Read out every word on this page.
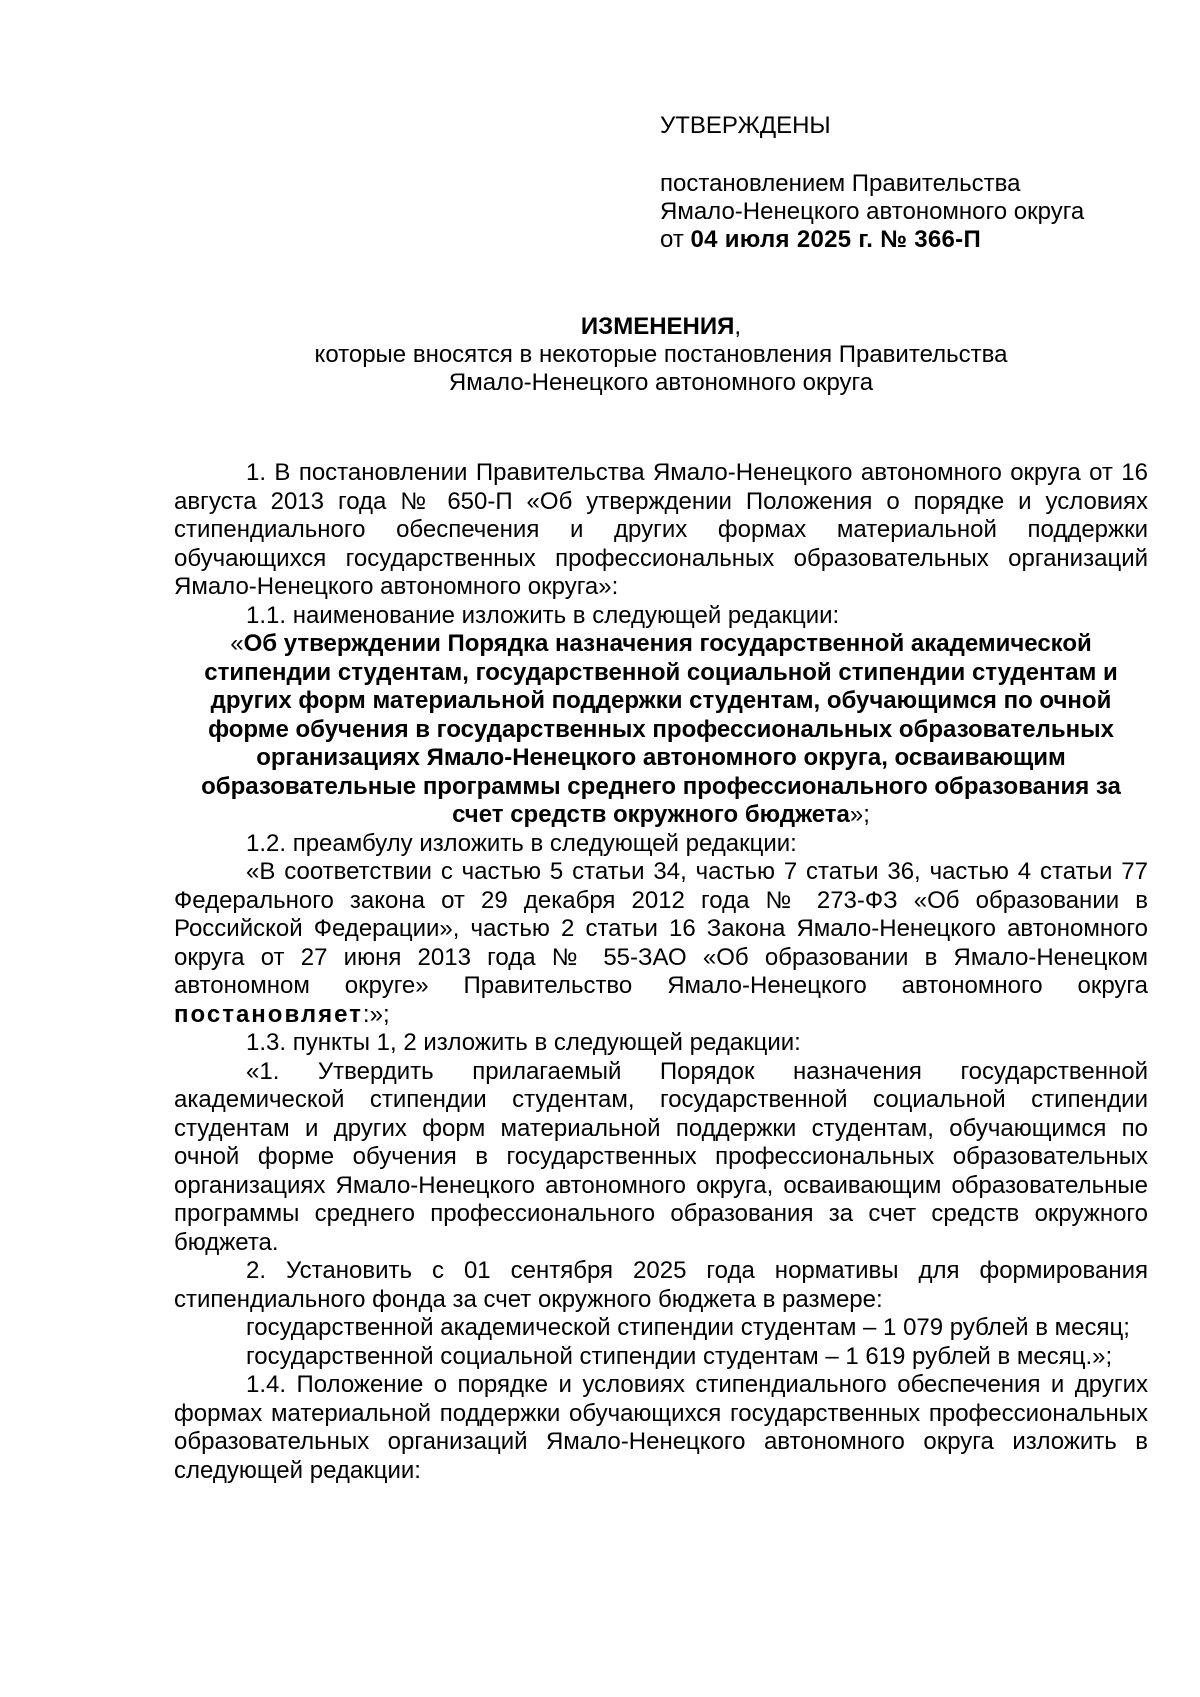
УТВЕРЖДЕНЫ
постановлением Правительства
Ямало-Ненецкого автономного округа
от 04 июля 2025 г. № 366-П
ИЗМЕНЕНИЯ,
которые вносятся в некоторые постановления Правительства
Ямало-Ненецкого автономного округа

1. В постановлении Правительства Ямало-Ненецкого автономного округа от 16 августа 2013 года № 650-П «Об утверждении Положения о порядке и условиях стипендиального обеспечения и других формах материальной поддержки обучающихся государственных профессиональных образовательных организаций Ямало-Ненецкого автономного округа»:

1.1. наименование изложить в следующей редакции:

«Об утверждении Порядка назначения государственной академической стипендии студентам, государственной социальной стипендии студентам и других форм материальной поддержки студентам, обучающимся по очной форме обучения в государственных профессиональных образовательных организациях Ямало-Ненецкого автономного округа, осваивающим образовательные программы среднего профессионального образования за счет средств окружного бюджета»;

1.2. преамбулу изложить в следующей редакции:

«В соответствии с частью 5 статьи 34, частью 7 статьи 36, частью 4 статьи 77 Федерального закона от 29 декабря 2012 года № 273-ФЗ «Об образовании в Российской Федерации», частью 2 статьи 16 Закона Ямало-Ненецкого автономного округа от 27 июня 2013 года № 55-ЗАО «Об образовании в Ямало-Ненецком автономном округе» Правительство Ямало-Ненецкого автономного округа постановляет:»;

1.3. пункты 1, 2 изложить в следующей редакции:

«1. Утвердить прилагаемый Порядок назначения государственной академической стипендии студентам, государственной социальной стипендии студентам и других форм материальной поддержки студентам, обучающимся по очной форме обучения в государственных профессиональных образовательных организациях Ямало-Ненецкого автономного округа, осваивающим образовательные программы среднего профессионального образования за счет средств окружного бюджета.

2. Установить с 01 сентября 2025 года нормативы для формирования стипендиального фонда за счет окружного бюджета в размере:

государственной академической стипендии студентам – 1 079 рублей в месяц;

государственной социальной стипендии студентам – 1 619 рублей в месяц.»;

1.4. Положение о порядке и условиях стипендиального обеспечения и других формах материальной поддержки обучающихся государственных профессиональных образовательных организаций Ямало-Ненецкого автономного округа изложить в следующей редакции:
